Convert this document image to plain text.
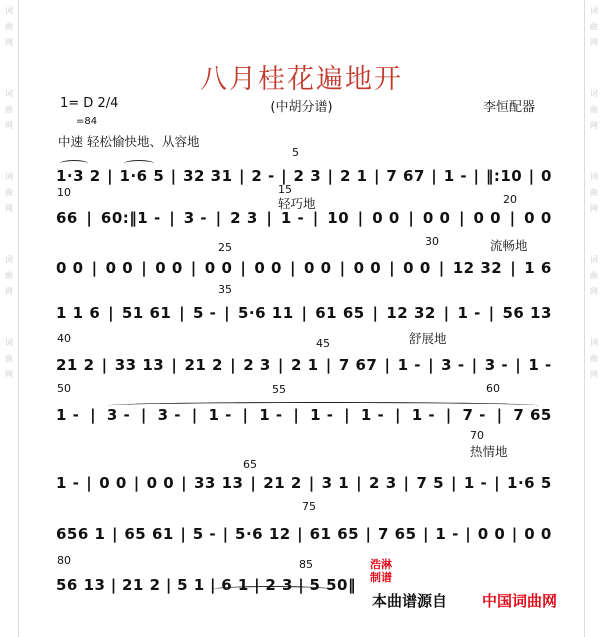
词
曲
网
词
曲
网
词
曲
网
词
曲
网
词
曲
网
词
曲
网
词
曲
网
词
曲
网
词
曲
网
词
曲
网
八月桂花遍地开
1= D 2/4	(中胡分谱)	李恒配器
=84
中速 轻松愉快地、从容地
5
10	15
20
25	30
35
40	45
50	55	60
65
70
75
80	85
轻巧地
流畅地
舒展地
热情地
1·3 2 | 1·6 5 | 32 31 | 2 - | 2 3 | 2 1 | 7 67 | 1 - | ‖:10 | 0
66 | 60:‖1 - | 3 - | 2 3 | 1 - | 10 | 0 0 | 0 0 | 0 0 | 0 0
0 0 | 0 0 | 0 0 | 0 0 | 0 0 | 0 0 | 0 0 | 0 0 | 12 32 | 1 6
1 1 6 | 51 61 | 5 - | 5·6 11 | 61 65 | 12 32 | 1 - | 56 13
21 2 | 33 13 | 21 2 | 2 3 | 2 1 | 7 67 | 1 - | 3 - | 3 - | 1 -
1 - | 3 - | 3 - | 1 - | 1 - | 1 - | 1 - | 1 - | 7 - | 7 65
1 - | 0 0 | 0 0 | 33 13 | 21 2 | 3 1 | 2 3 | 7 5 | 1 - | 1·6 5
656 1 | 65 61 | 5 - | 5·6 12 | 61 65 | 7 65 | 1 - | 0 0 | 0 0
56 13 | 21 2 | 5 1 | 6 1 | 2 3 | 5 50‖
浩淋
制谱
本曲谱源自 中国词曲网
